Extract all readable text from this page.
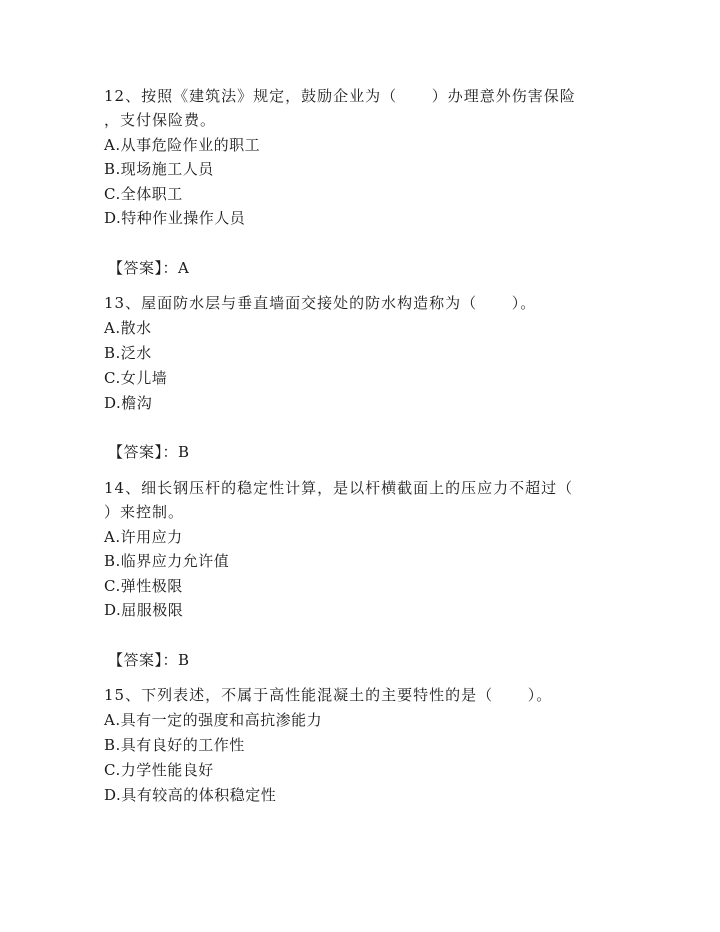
12、按照《建筑法》规定，鼓励企业为（      ）办理意外伤害保险
，支付保险费。
A.从事危险作业的职工
B.现场施工人员
C.全体职工
D.特种作业操作人员
【答案】：A
13、屋面防水层与垂直墙面交接处的防水构造称为（      ）。
A.散水
B.泛水
C.女儿墙
D.檐沟
【答案】：B
14、细长钢压杆的稳定性计算，是以杆横截面上的压应力不超过（
）来控制。
A.许用应力
B.临界应力允许值
C.弹性极限
D.屈服极限
【答案】：B
15、下列表述，不属于高性能混凝土的主要特性的是（      ）。
A.具有一定的强度和高抗渗能力
B.具有良好的工作性
C.力学性能良好
D.具有较高的体积稳定性
